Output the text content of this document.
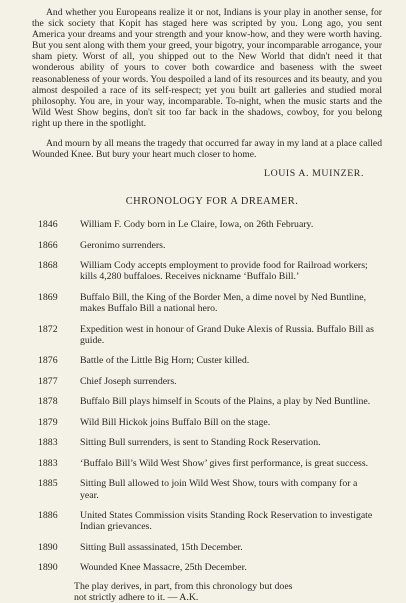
And whether you Europeans realize it or not, Indians is your play in another sense, for the sick society that Kopit has staged here was scripted by you. Long ago, you sent America your dreams and your strength and your know-how, and they were worth having. But you sent along with them your greed, your bigotry, your incomparable arrogance, your sham piety. Worst of all, you shipped out to the New World that didn't need it that wonderous ability of yours to cover both cowardice and baseness with the sweet reasonableness of your words. You despoiled a land of its resources and its beauty, and you almost despoiled a race of its self-respect; yet you built art galleries and studied moral philosophy. You are, in your way, incomparable. To-night, when the music starts and the Wild West Show begins, don't sit too far back in the shadows, cowboy, for you belong right up there in the spotlight.

And mourn by all means the tragedy that occurred far away in my land at a place called Wounded Knee. But bury your heart much closer to home.

LOUIS A. MUINZER.
CHRONOLOGY FOR A DREAMER.
1846	William F. Cody born in Le Claire, Iowa, on 26th February.
1866	Geronimo surrenders.
1868	William Cody accepts employment to provide food for Railroad workers; kills 4,280 buffaloes. Receives nickname ‘Buffalo Bill.’
1869	Buffalo Bill, the King of the Border Men, a dime novel by Ned Buntline, makes Buffalo Bill a national hero.
1872	Expedition west in honour of Grand Duke Alexis of Russia. Buffalo Bill as guide.
1876	Battle of the Little Big Horn; Custer killed.
1877	Chief Joseph surrenders.
1878	Buffalo Bill plays himself in Scouts of the Plains, a play by Ned Buntline.
1879	Wild Bill Hickok joins Buffalo Bill on the stage.
1883	Sitting Bull surrenders, is sent to Standing Rock Reservation.
1883	‘Buffalo Bill’s Wild West Show’ gives first performance, is great success.
1885	Sitting Bull allowed to join Wild West Show, tours with company for a year.
1886	United States Commission visits Standing Rock Reservation to investigate Indian grievances.
1890	Sitting Bull assassinated, 15th December.
1890	Wounded Knee Massacre, 25th December.
The play derives, in part, from this chronology but does not strictly adhere to it. — A.K.
